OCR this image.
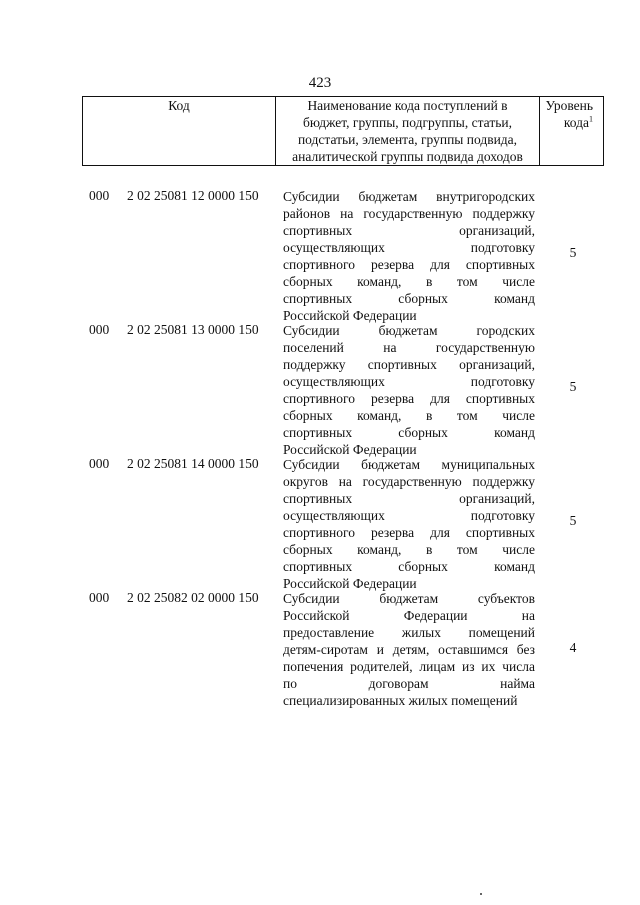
423
Код	Наименование кода поступлений в
бюджет, группы, подгруппы, статьи,
подстатьи, элемента, группы подвида,
аналитической группы подвида доходов

Уровень
кода$^1$
000 2 02 25081 12 0000 150 Субсидии бюджетам внутригородских
районов на государственную поддержку
спортивных организаций,
осуществляющих подготовку
спортивного резерва для спортивных
сборных команд, в том числе
спортивных сборных команд
Российской Федерации
5
000 2 02 25081 13 0000 150 Субсидии бюджетам городских
поселений на государственную
поддержку спортивных организаций,
осуществляющих подготовку
спортивного резерва для спортивных
сборных команд, в том числе
спортивных сборных команд
Российской Федерации
5
000 2 02 25081 14 0000 150 Субсидии бюджетам муниципальных
округов на государственную поддержку
спортивных организаций,
осуществляющих подготовку
спортивного резерва для спортивных
сборных команд, в том числе
спортивных сборных команд
Российской Федерации
5
000 2 02 25082 02 0000 150 Субсидии бюджетам субъектов
Российской Федерации на
предоставление жилых помещений
детям-сиротам и детям, оставшимся без
попечения родителей, лицам из их числа
по договорам найма
специализированных жилых помещений
4
